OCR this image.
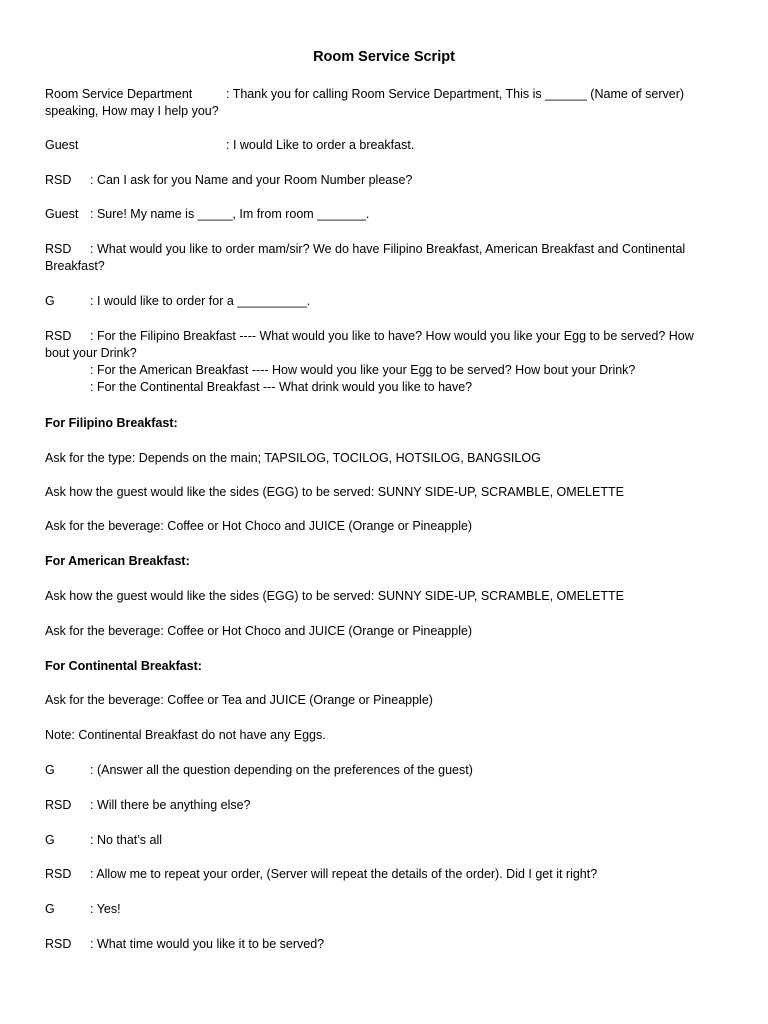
Room Service Script
Room Service Department	: Thank you for calling Room Service Department, This is ______ (Name of server)
speaking, How may I help you?
Guest	: I would Like to order a breakfast.
RSD : Can I ask for you Name and your Room Number please?
Guest : Sure! My name is _____, Im from room _______.
RSD : What would you like to order mam/sir? We do have Filipino Breakfast, American Breakfast and Continental
Breakfast?
G	: I would like to order for a __________.
RSD : For the Filipino Breakfast ---- What would you like to have? How would you like your Egg to be served? How
bout your Drink?
: For the American Breakfast ---- How would you like your Egg to be served? How bout your Drink?
: For the Continental Breakfast --- What drink would you like to have?
For Filipino Breakfast:
Ask for the type: Depends on the main; TAPSILOG, TOCILOG, HOTSILOG, BANGSILOG
Ask how the guest would like the sides (EGG) to be served: SUNNY SIDE-UP, SCRAMBLE, OMELETTE
Ask for the beverage: Coffee or Hot Choco and JUICE (Orange or Pineapple)
For American Breakfast:
Ask how the guest would like the sides (EGG) to be served: SUNNY SIDE-UP, SCRAMBLE, OMELETTE
Ask for the beverage: Coffee or Hot Choco and JUICE (Orange or Pineapple)
For Continental Breakfast:
Ask for the beverage: Coffee or Tea and JUICE (Orange or Pineapple)
Note: Continental Breakfast do not have any Eggs.
G	: (Answer all the question depending on the preferences of the guest)
RSD : Will there be anything else?
G	: No that’s all
RSD : Allow me to repeat your order, (Server will repeat the details of the order). Did I get it right?
G	: Yes!
RSD : What time would you like it to be served?
